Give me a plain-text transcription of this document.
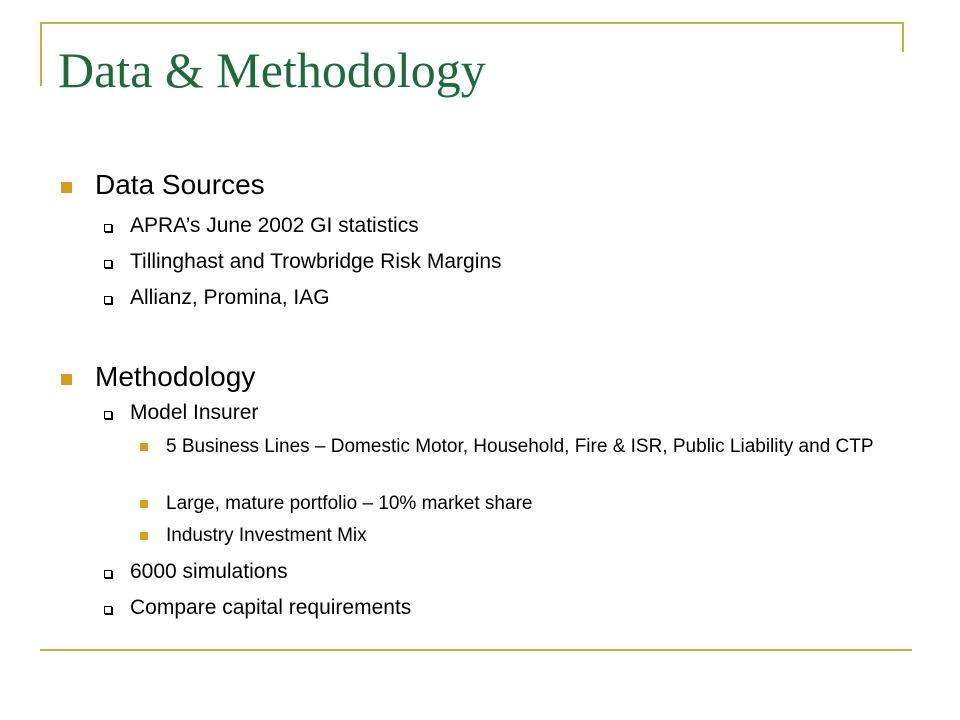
Data & Methodology
Data Sources
APRA’s June 2002 GI statistics
Tillinghast and Trowbridge Risk Margins
Allianz, Promina, IAG
Methodology
Model Insurer
5 Business Lines – Domestic Motor, Household, Fire & ISR, Public Liability and CTP
Large, mature portfolio – 10% market share
Industry Investment Mix
6000 simulations
Compare capital requirements
